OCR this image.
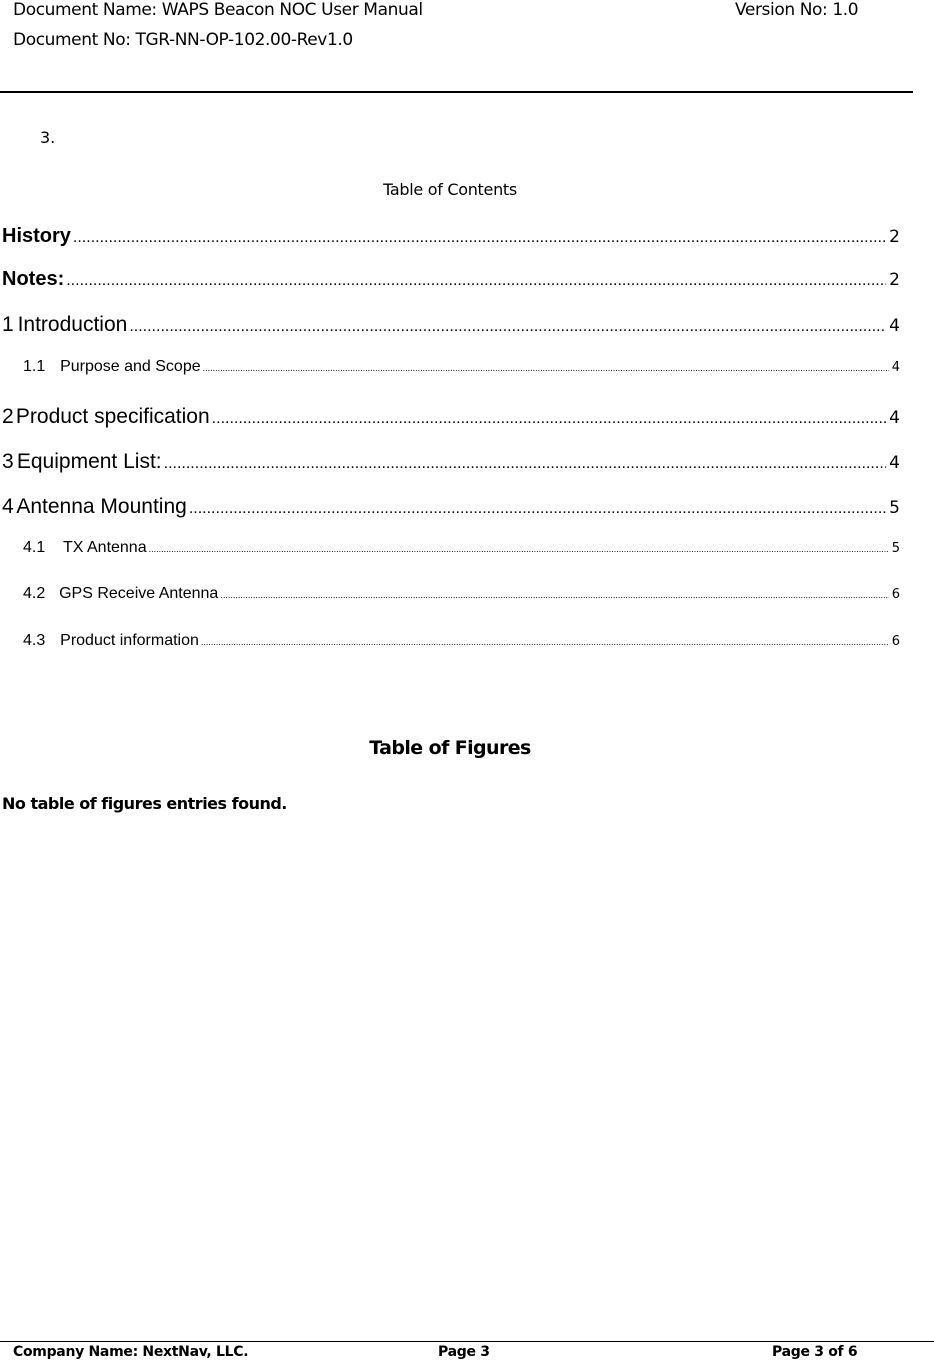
Document Name: WAPS Beacon NOC User Manual	Version No: 1.0
Document No: TGR-NN-OP-102.00-Rev1.0
3.
Table of Contents
History .....	2
Notes: .....	2
1 Introduction .....	4
1.1 Purpose and Scope .....	4
2 Product specification .....	4
3 Equipment List: .....	4
4 Antenna Mounting .....	5
4.1	TX Antenna .....	5
4.2 GPS Receive Antenna .....	6
4.3 Product information .....	6
Table of Figures
No table of figures entries found.
Company Name: NextNav, LLC.	Page 3	Page 3 of 6
